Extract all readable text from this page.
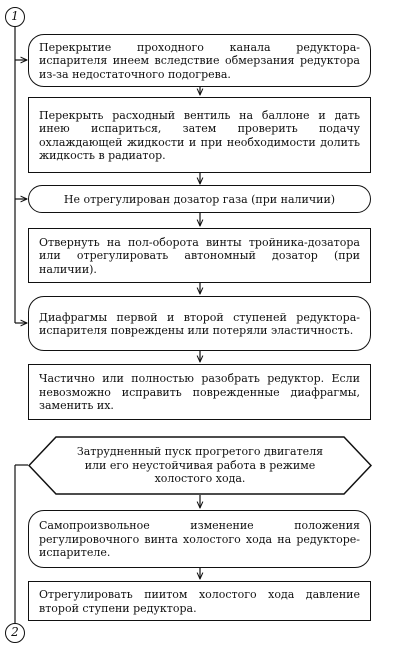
1
Перекрытие проходного канала редуктора-испарителя инеем вследствие обмерзания редуктора из-за недостаточного подогрева.
Перекрыть расходный вентиль на баллоне и дать инею испариться, затем проверить подачу охлаждающей жидкости и при необходимости долить жидкость в радиатор.
Не отрегулирован дозатор газа (при наличии)
Отвернуть на пол-оборота винты тройника-дозатора или отрегулировать автономный дозатор (при наличии).
Диафрагмы первой и второй ступеней редуктора-испарителя повреждены или потеряли эластичность.
Частично или полностью разобрать редуктор. Если невозможно исправить поврежденные диафрагмы, заменить их.
Затрудненный пуск прогретого двигателя или его неустойчивая работа в режиме холостого хода.
Самопроизвольное изменение положения регулировочного винта холостого хода на редукторе-испарителе.
Отрегулировать пиитом холостого хода давление второй ступени редуктора.
2
